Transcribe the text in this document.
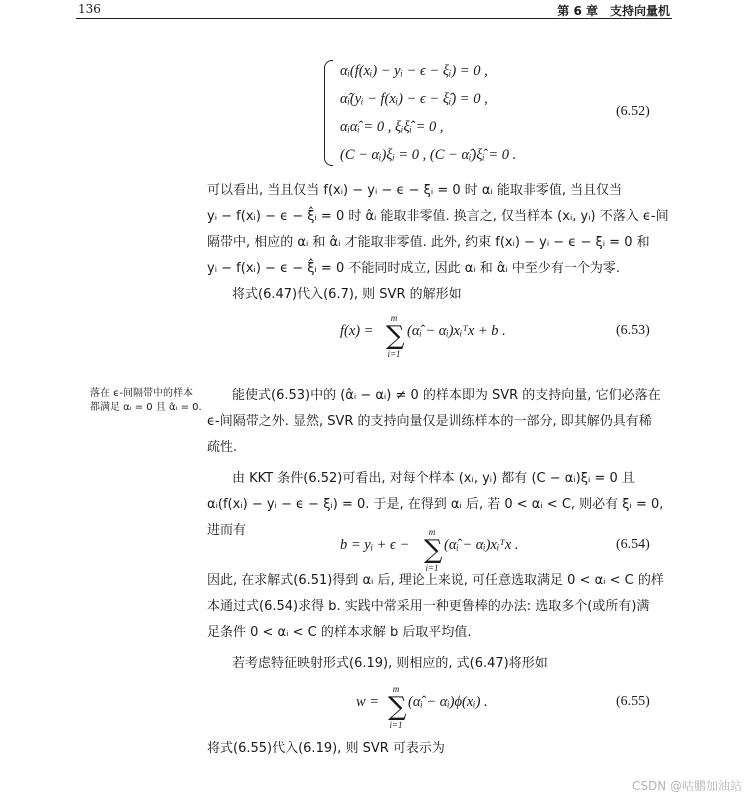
136	第 6 章　支持向量机
αᵢ(f(xᵢ) − yᵢ − ϵ − ξᵢ) = 0 ,
α̂ᵢ(yᵢ − f(xᵢ) − ϵ − ξ̂ᵢ) = 0 ,
αᵢα̂ᵢ = 0 , ξᵢξ̂ᵢ = 0 ,
(C − αᵢ)ξᵢ = 0 , (C − α̂ᵢ)ξ̂ᵢ = 0 .
(6.52)
可以看出, 当且仅当 f(xᵢ) − yᵢ − ϵ − ξᵢ = 0 时 αᵢ 能取非零值, 当且仅当
yᵢ − f(xᵢ) − ϵ − ξ̂ᵢ = 0 时 α̂ᵢ 能取非零值. 换言之, 仅当样本 (xᵢ, yᵢ) 不落入 ϵ-间
隔带中, 相应的 αᵢ 和 α̂ᵢ 才能取非零值. 此外, 约束 f(xᵢ) − yᵢ − ϵ − ξᵢ = 0 和
yᵢ − f(xᵢ) − ϵ − ξ̂ᵢ = 0 不能同时成立, 因此 αᵢ 和 α̂ᵢ 中至少有一个为零.
将式(6.47)代入(6.7), 则 SVR 的解形如
f(x) =
m
∑
i=1
(α̂ᵢ − αᵢ)xᵢᵀx + b .	(6.53)
落在 ϵ-间隔带中的样本
都满足 αᵢ = 0 且 α̂ᵢ = 0.
能使式(6.53)中的 (α̂ᵢ − αᵢ) ≠ 0 的样本即为 SVR 的支持向量, 它们必落在
ϵ-间隔带之外. 显然, SVR 的支持向量仅是训练样本的一部分, 即其解仍具有稀
疏性.
由 KKT 条件(6.52)可看出, 对每个样本 (xᵢ, yᵢ) 都有 (C − αᵢ)ξᵢ = 0 且
αᵢ(f(xᵢ) − yᵢ − ϵ − ξᵢ) = 0. 于是, 在得到 αᵢ 后, 若 0 < αᵢ < C, 则必有 ξᵢ = 0,
进而有
b = yᵢ + ϵ −
m
∑
i=1
(α̂ᵢ − αᵢ)xᵢᵀx .	(6.54)
因此, 在求解式(6.51)得到 αᵢ 后, 理论上来说, 可任意选取满足 0 < αᵢ < C 的样
本通过式(6.54)求得 b. 实践中常采用一种更鲁棒的办法: 选取多个(或所有)满
足条件 0 < αᵢ < C 的样本求解 b 后取平均值.
若考虑特征映射形式(6.19), 则相应的, 式(6.47)将形如
w =
m
∑
i=1
(α̂ᵢ − αᵢ)ϕ(xᵢ) .	(6.55)
将式(6.55)代入(6.19), 则 SVR 可表示为
CSDN @咕鹏加油站
